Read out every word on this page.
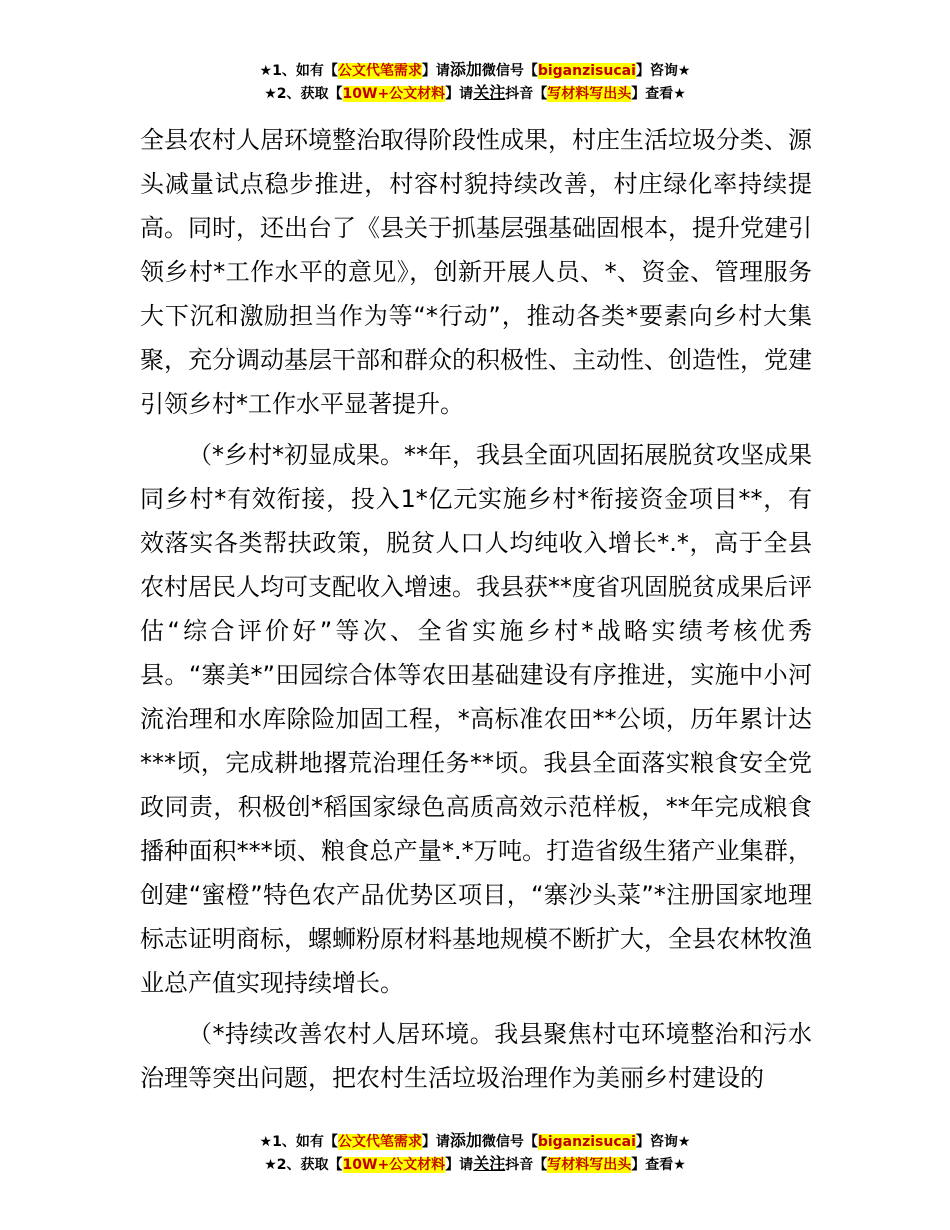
★1、如有【公文代笔需求】请添加微信号【biganzisucai】咨询★
★2、获取【10W+公文材料】请关注抖音【写材料写出头】查看★

全县农村人居环境整治取得阶段性成果，村庄生活垃圾分类、源头减量试点稳步推进，村容村貌持续改善，村庄绿化率持续提高。同时，还出台了《县关于抓基层强基础固根本，提升党建引领乡村*工作水平的意见》，创新开展人员、*、资金、管理服务大下沉和激励担当作为等“*行动”，推动各类*要素向乡村大集聚，充分调动基层干部和群众的积极性、主动性、创造性，党建引领乡村*工作水平显著提升。

（*乡村*初显成果。**年，我县全面巩固拓展脱贫攻坚成果同乡村*有效衔接，投入1*亿元实施乡村*衔接资金项目**，有效落实各类帮扶政策，脱贫人口人均纯收入增长*.*，高于全县农村居民人均可支配收入增速。我县获**度省巩固脱贫成果后评估“综合评价好”等次、全省实施乡村*战略实绩考核优秀县。“寨美*”田园综合体等农田基础建设有序推进，实施中小河流治理和水库除险加固工程，*高标准农田**公顷，历年累计达***顷，完成耕地撂荒治理任务**顷。我县全面落实粮食安全党政同责，积极创*稻国家绿色高质高效示范样板，**年完成粮食播种面积***顷、粮食总产量*.*万吨。打造省级生猪产业集群，创建“蜜橙”特色农产品优势区项目，“寨沙头菜”*注册国家地理标志证明商标，螺蛳粉原材料基地规模不断扩大，全县农林牧渔业总产值实现持续增长。

（*持续改善农村人居环境。我县聚焦村屯环境整治和污水治理等突出问题，把农村生活垃圾治理作为美丽乡村建设的

★1、如有【公文代笔需求】请添加微信号【biganzisucai】咨询★
★2、获取【10W+公文材料】请关注抖音【写材料写出头】查看★
